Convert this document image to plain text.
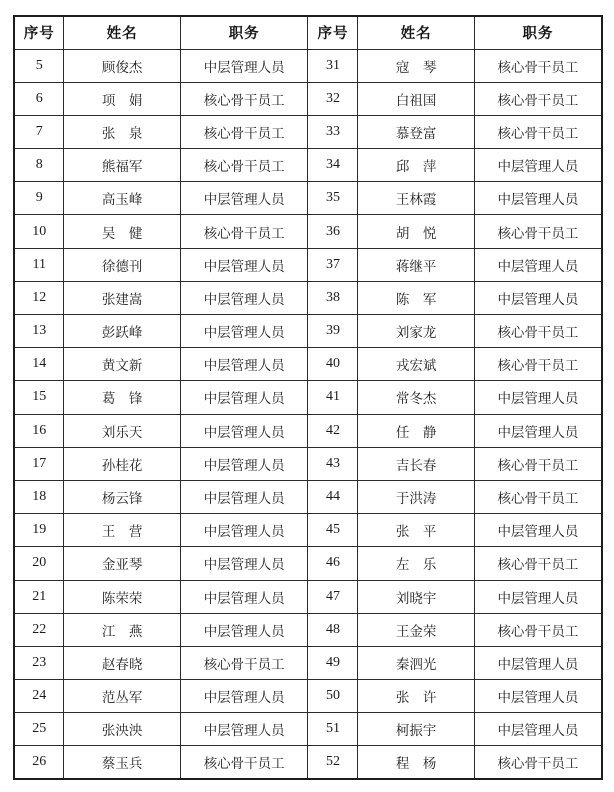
序号	姓名	职务	序号	姓名	职务
5	顾俊杰	中层管理人员	31	寇　琴	核心骨干员工
6	项　娟	核心骨干员工	32	白祖国	核心骨干员工
7	张　泉	核心骨干员工	33	慕登富	核心骨干员工
8	熊福军	核心骨干员工	34	邱　萍	中层管理人员
9	高玉峰	中层管理人员	35	王林霞	中层管理人员
10	吴　健	核心骨干员工	36	胡　悦	核心骨干员工
11	徐德刊	中层管理人员	37	蒋继平	中层管理人员
12	张建嵩	中层管理人员	38	陈　军	中层管理人员
13	彭跃峰	中层管理人员	39	刘家龙	核心骨干员工
14	黄文新	中层管理人员	40	戎宏斌	核心骨干员工
15	葛　锋	中层管理人员	41	常冬杰	中层管理人员
16	刘乐天	中层管理人员	42	任　静	中层管理人员
17	孙桂花	中层管理人员	43	吉长春	核心骨干员工
18	杨云锋	中层管理人员	44	于洪涛	核心骨干员工
19	王　营	中层管理人员	45	张　平	中层管理人员
20	金亚琴	中层管理人员	46	左　乐	核心骨干员工
21	陈荣荣	中层管理人员	47	刘晓宇	中层管理人员
22	江　燕	中层管理人员	48	王金荣	核心骨干员工
23	赵春晓	核心骨干员工	49	秦泗光	中层管理人员
24	范丛军	中层管理人员	50	张　许	中层管理人员
25	张泱泱	中层管理人员	51	柯振宇	中层管理人员
26	蔡玉兵	核心骨干员工	52	程　杨	核心骨干员工
